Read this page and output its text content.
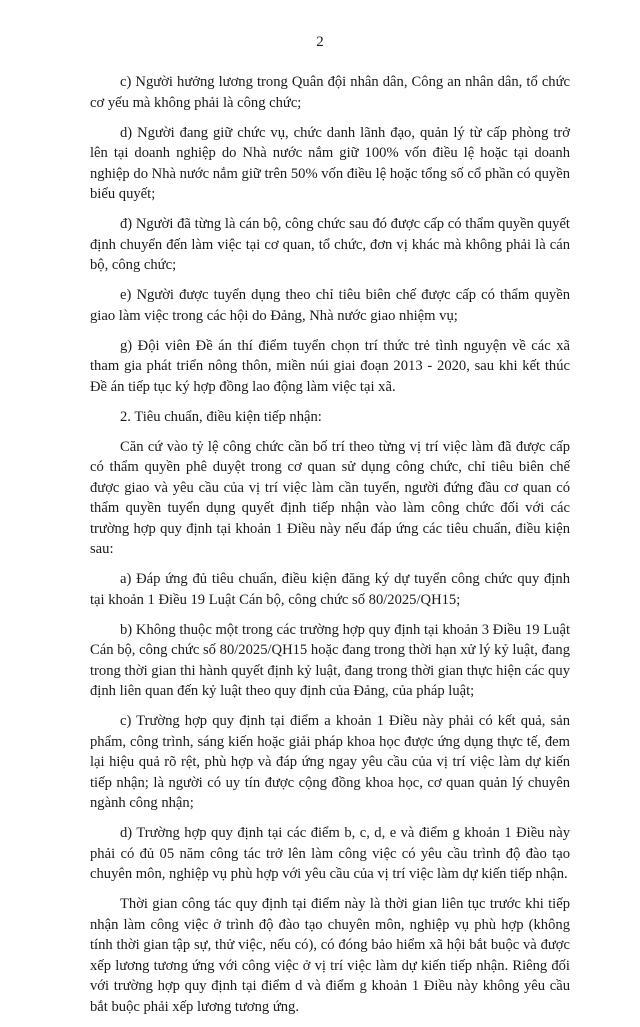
2

c) Người hưởng lương trong Quân đội nhân dân, Công an nhân dân, tổ chức cơ yếu mà không phải là công chức;

d) Người đang giữ chức vụ, chức danh lãnh đạo, quản lý từ cấp phòng trở lên tại doanh nghiệp do Nhà nước nắm giữ 100% vốn điều lệ hoặc tại doanh nghiệp do Nhà nước nắm giữ trên 50% vốn điều lệ hoặc tổng số cổ phần có quyền biểu quyết;

đ) Người đã từng là cán bộ, công chức sau đó được cấp có thẩm quyền quyết định chuyển đến làm việc tại cơ quan, tổ chức, đơn vị khác mà không phải là cán bộ, công chức;

e) Người được tuyển dụng theo chỉ tiêu biên chế được cấp có thẩm quyền giao làm việc trong các hội do Đảng, Nhà nước giao nhiệm vụ;

g) Đội viên Đề án thí điểm tuyển chọn trí thức trẻ tình nguyện về các xã tham gia phát triển nông thôn, miền núi giai đoạn 2013 - 2020, sau khi kết thúc Đề án tiếp tục ký hợp đồng lao động làm việc tại xã.

2. Tiêu chuẩn, điều kiện tiếp nhận:

Căn cứ vào tỷ lệ công chức cần bố trí theo từng vị trí việc làm đã được cấp có thẩm quyền phê duyệt trong cơ quan sử dụng công chức, chỉ tiêu biên chế được giao và yêu cầu của vị trí việc làm cần tuyển, người đứng đầu cơ quan có thẩm quyền tuyển dụng quyết định tiếp nhận vào làm công chức đối với các trường hợp quy định tại khoản 1 Điều này nếu đáp ứng các tiêu chuẩn, điều kiện sau:

a) Đáp ứng đủ tiêu chuẩn, điều kiện đăng ký dự tuyển công chức quy định tại khoản 1 Điều 19 Luật Cán bộ, công chức số 80/2025/QH15;

b) Không thuộc một trong các trường hợp quy định tại khoản 3 Điều 19 Luật Cán bộ, công chức số 80/2025/QH15 hoặc đang trong thời hạn xử lý kỷ luật, đang trong thời gian thi hành quyết định kỷ luật, đang trong thời gian thực hiện các quy định liên quan đến kỷ luật theo quy định của Đảng, của pháp luật;

c) Trường hợp quy định tại điểm a khoản 1 Điều này phải có kết quả, sản phẩm, công trình, sáng kiến hoặc giải pháp khoa học được ứng dụng thực tế, đem lại hiệu quả rõ rệt, phù hợp và đáp ứng ngay yêu cầu của vị trí việc làm dự kiến tiếp nhận; là người có uy tín được cộng đồng khoa học, cơ quan quản lý chuyên ngành công nhận;

d) Trường hợp quy định tại các điểm b, c, d, e và điểm g khoản 1 Điều này phải có đủ 05 năm công tác trở lên làm công việc có yêu cầu trình độ đào tạo chuyên môn, nghiệp vụ phù hợp với yêu cầu của vị trí việc làm dự kiến tiếp nhận.

Thời gian công tác quy định tại điểm này là thời gian liên tục trước khi tiếp nhận làm công việc ở trình độ đào tạo chuyên môn, nghiệp vụ phù hợp (không tính thời gian tập sự, thử việc, nếu có), có đóng bảo hiểm xã hội bắt buộc và được xếp lương tương ứng với công việc ở vị trí việc làm dự kiến tiếp nhận. Riêng đối với trường hợp quy định tại điểm d và điểm g khoản 1 Điều này không yêu cầu bắt buộc phải xếp lương tương ứng.
